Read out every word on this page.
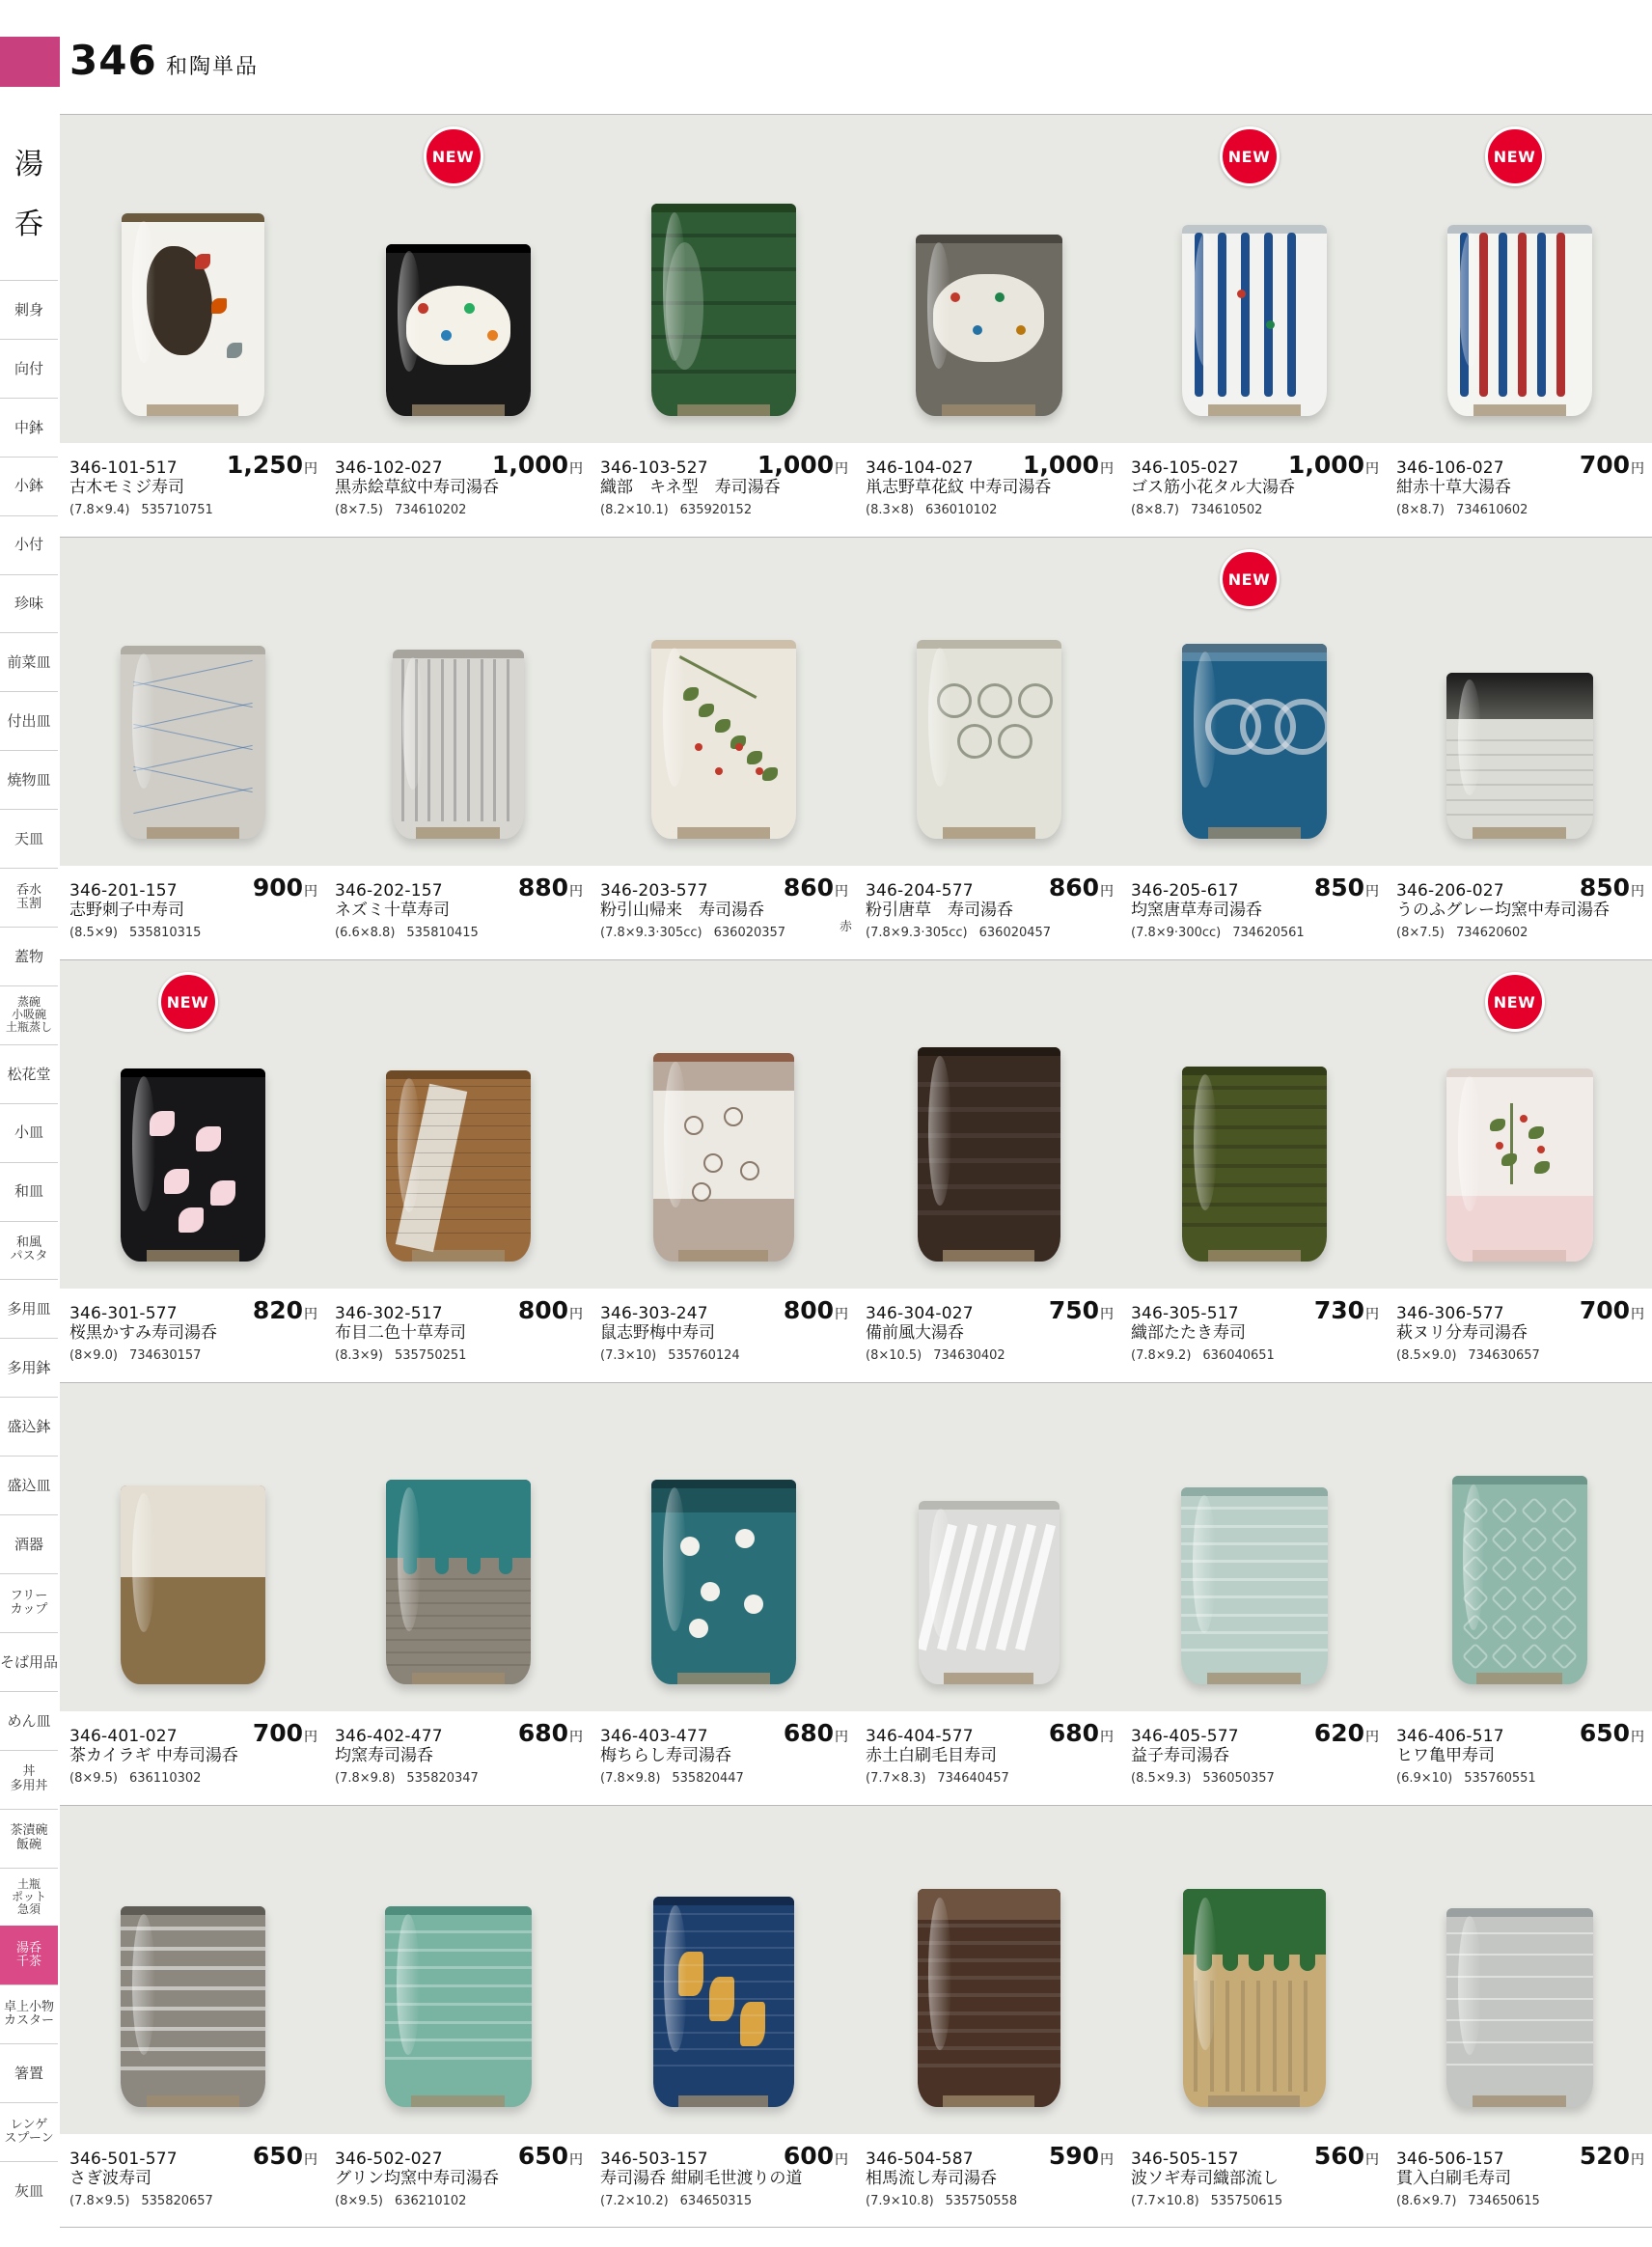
346 和陶単品
湯
呑
刺身
向付
中鉢
小鉢
小付
珍味
前菜皿
付出皿
焼物皿
天皿
呑水
玉割
蓋物
蒸碗
小吸碗
土瓶蒸し
松花堂
小皿
和皿
和風
パスタ
多用皿
多用鉢
盛込鉢
盛込皿
酒器
フリー
カップ
そば用品
めん皿
丼
多用丼
茶漬碗
飯碗
土瓶
ポット
急須
湯呑
千茶
卓上小物
カスター
箸置
レンゲ
スプーン
灰皿
NEW	NEW	NEW
346-101-517 1,250 円
古木モミジ寿司
(7.8×9.4) 535710751
346-102-027 1,000 円
黒赤絵草紋中寿司湯呑
(8×7.5) 734610202
346-103-527 1,000 円
織部　キネ型　寿司湯呑
(8.2×10.1) 635920152
346-104-027 1,000 円
鼡志野草花紋 中寿司湯呑
(8.3×8) 636010102
346-105-027 1,000 円
ゴス筋小花タル大湯呑
(8×8.7) 734610502
346-106-027	700 円
紺赤十草大湯呑
(8×8.7) 734610602
NEW
346-201-157	900 円
志野刺子中寿司
(8.5×9) 535810315
346-202-157	880 円
ネズミ十草寿司
(6.6×8.8) 535810415
346-203-577	860 円
粉引山帰来　寿司湯呑
(7.8×9.3·305cc) 636020357	赤
346-204-577	860 円
粉引唐草　寿司湯呑
(7.8×9.3·305cc) 636020457
346-205-617	850 円
均窯唐草寿司湯呑
(7.8×9·300cc) 734620561
346-206-027	850 円
うのふグレー均窯中寿司湯呑
(8×7.5) 734620602
NEW	NEW
346-301-577	820 円
桜黒かすみ寿司湯呑
(8×9.0) 734630157
346-302-517	800 円
布目二色十草寿司
(8.3×9) 535750251
346-303-247	800 円
鼠志野梅中寿司
(7.3×10) 535760124
346-304-027	750 円
備前風大湯呑
(8×10.5) 734630402
346-305-517	730 円
織部たたき寿司
(7.8×9.2) 636040651
346-306-577	700 円
萩ヌリ分寿司湯呑
(8.5×9.0) 734630657
346-401-027	700 円
茶カイラギ 中寿司湯呑
(8×9.5) 636110302
346-402-477	680 円
均窯寿司湯呑
(7.8×9.8) 535820347
346-403-477	680 円
梅ちらし寿司湯呑
(7.8×9.8) 535820447
346-404-577	680 円
赤土白刷毛目寿司
(7.7×8.3) 734640457
346-405-577	620 円
益子寿司湯呑
(8.5×9.3) 536050357
346-406-517	650 円
ヒワ亀甲寿司
(6.9×10) 535760551
346-501-577	650 円
さぎ波寿司
(7.8×9.5) 535820657
346-502-027	650 円
グリン均窯中寿司湯呑
(8×9.5) 636210102
346-503-157	600 円
寿司湯呑 紺刷毛世渡りの道
(7.2×10.2) 634650315
346-504-587	590 円
相馬流し寿司湯呑
(7.9×10.8) 535750558
346-505-157	560 円
波ソギ寿司織部流し
(7.7×10.8) 535750615
346-506-157	520 円
貫入白刷毛寿司
(8.6×9.7) 734650615
